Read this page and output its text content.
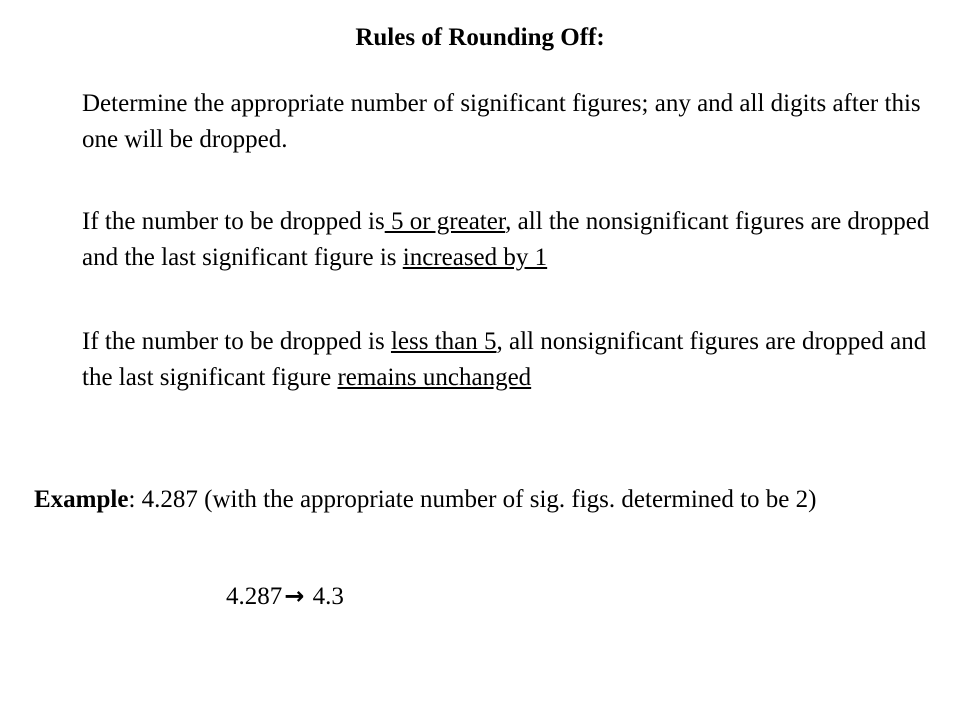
Rules of Rounding Off:
Determine the appropriate number of significant figures; any and all digits after this one will be dropped.
If the number to be dropped is 5 or greater, all the nonsignificant figures are dropped and the last significant figure is increased by 1
If the number to be dropped is less than 5, all nonsignificant figures are dropped and the last significant figure remains unchanged
Example: 4.287 (with the appropriate number of sig. figs. determined to be 2)
4.287→ 4.3
